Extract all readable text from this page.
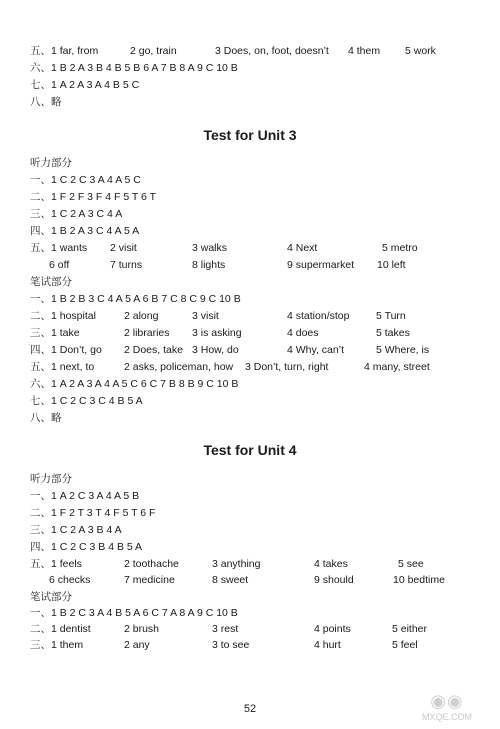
五、1 far, from	2 go, train	3 Does, on, foot, doesn’t 4 them 5 work
六、1 B 2 A 3 B 4 B 5 B 6 A 7 B 8 A 9 C 10 B
七、1 A 2 A 3 A 4 B 5 C
八、略
Test for Unit 3
听力部分
一、1 C 2 C 3 A 4 A 5 C
二、1 F 2 F 3 F 4 F 5 T 6 T
三、1 C 2 A 3 C 4 A
四、1 B 2 A 3 C 4 A 5 A
五、1 wants 2 visit	3 walks	4 Next	5 metro
6 off	7 turns	8 lights	9 supermarket 10 left
笔试部分
一、1 B 2 B 3 C 4 A 5 A 6 B 7 C 8 C 9 C 10 B
二、1 hospital	2 along	3 visit	4 station/stop	5 Turn
三、1 take	2 libraries 3 is asking	4 does	5 takes
四、1 Don’t, go 2 Does, take 3 How, do	4 Why, can’t	5 Where, is
五、1 next, to	2 asks, policeman, how 3 Don’t, turn, right	4 many, street
六、1 A 2 A 3 A 4 A 5 C 6 C 7 B 8 B 9 C 10 B
七、1 C 2 C 3 C 4 B 5 A
八、略
Test for Unit 4
听力部分
一、1 A 2 C 3 A 4 A 5 B
二、1 F 2 T 3 T 4 F 5 T 6 F
三、1 C 2 A 3 B 4 A
四、1 C 2 C 3 B 4 B 5 A
五、1 feels	2 toothache	3 anything	4 takes	5 see
6 checks	7 medicine	8 sweet	9 should	10 bedtime
笔试部分
一、1 B 2 C 3 A 4 B 5 A 6 C 7 A 8 A 9 C 10 B
二、1 dentist	2 brush	3 rest	4 points	5 either
三、1 them	2 any	3 to see	4 hurt	5 feel
52	◉◉
MXQE.COM
